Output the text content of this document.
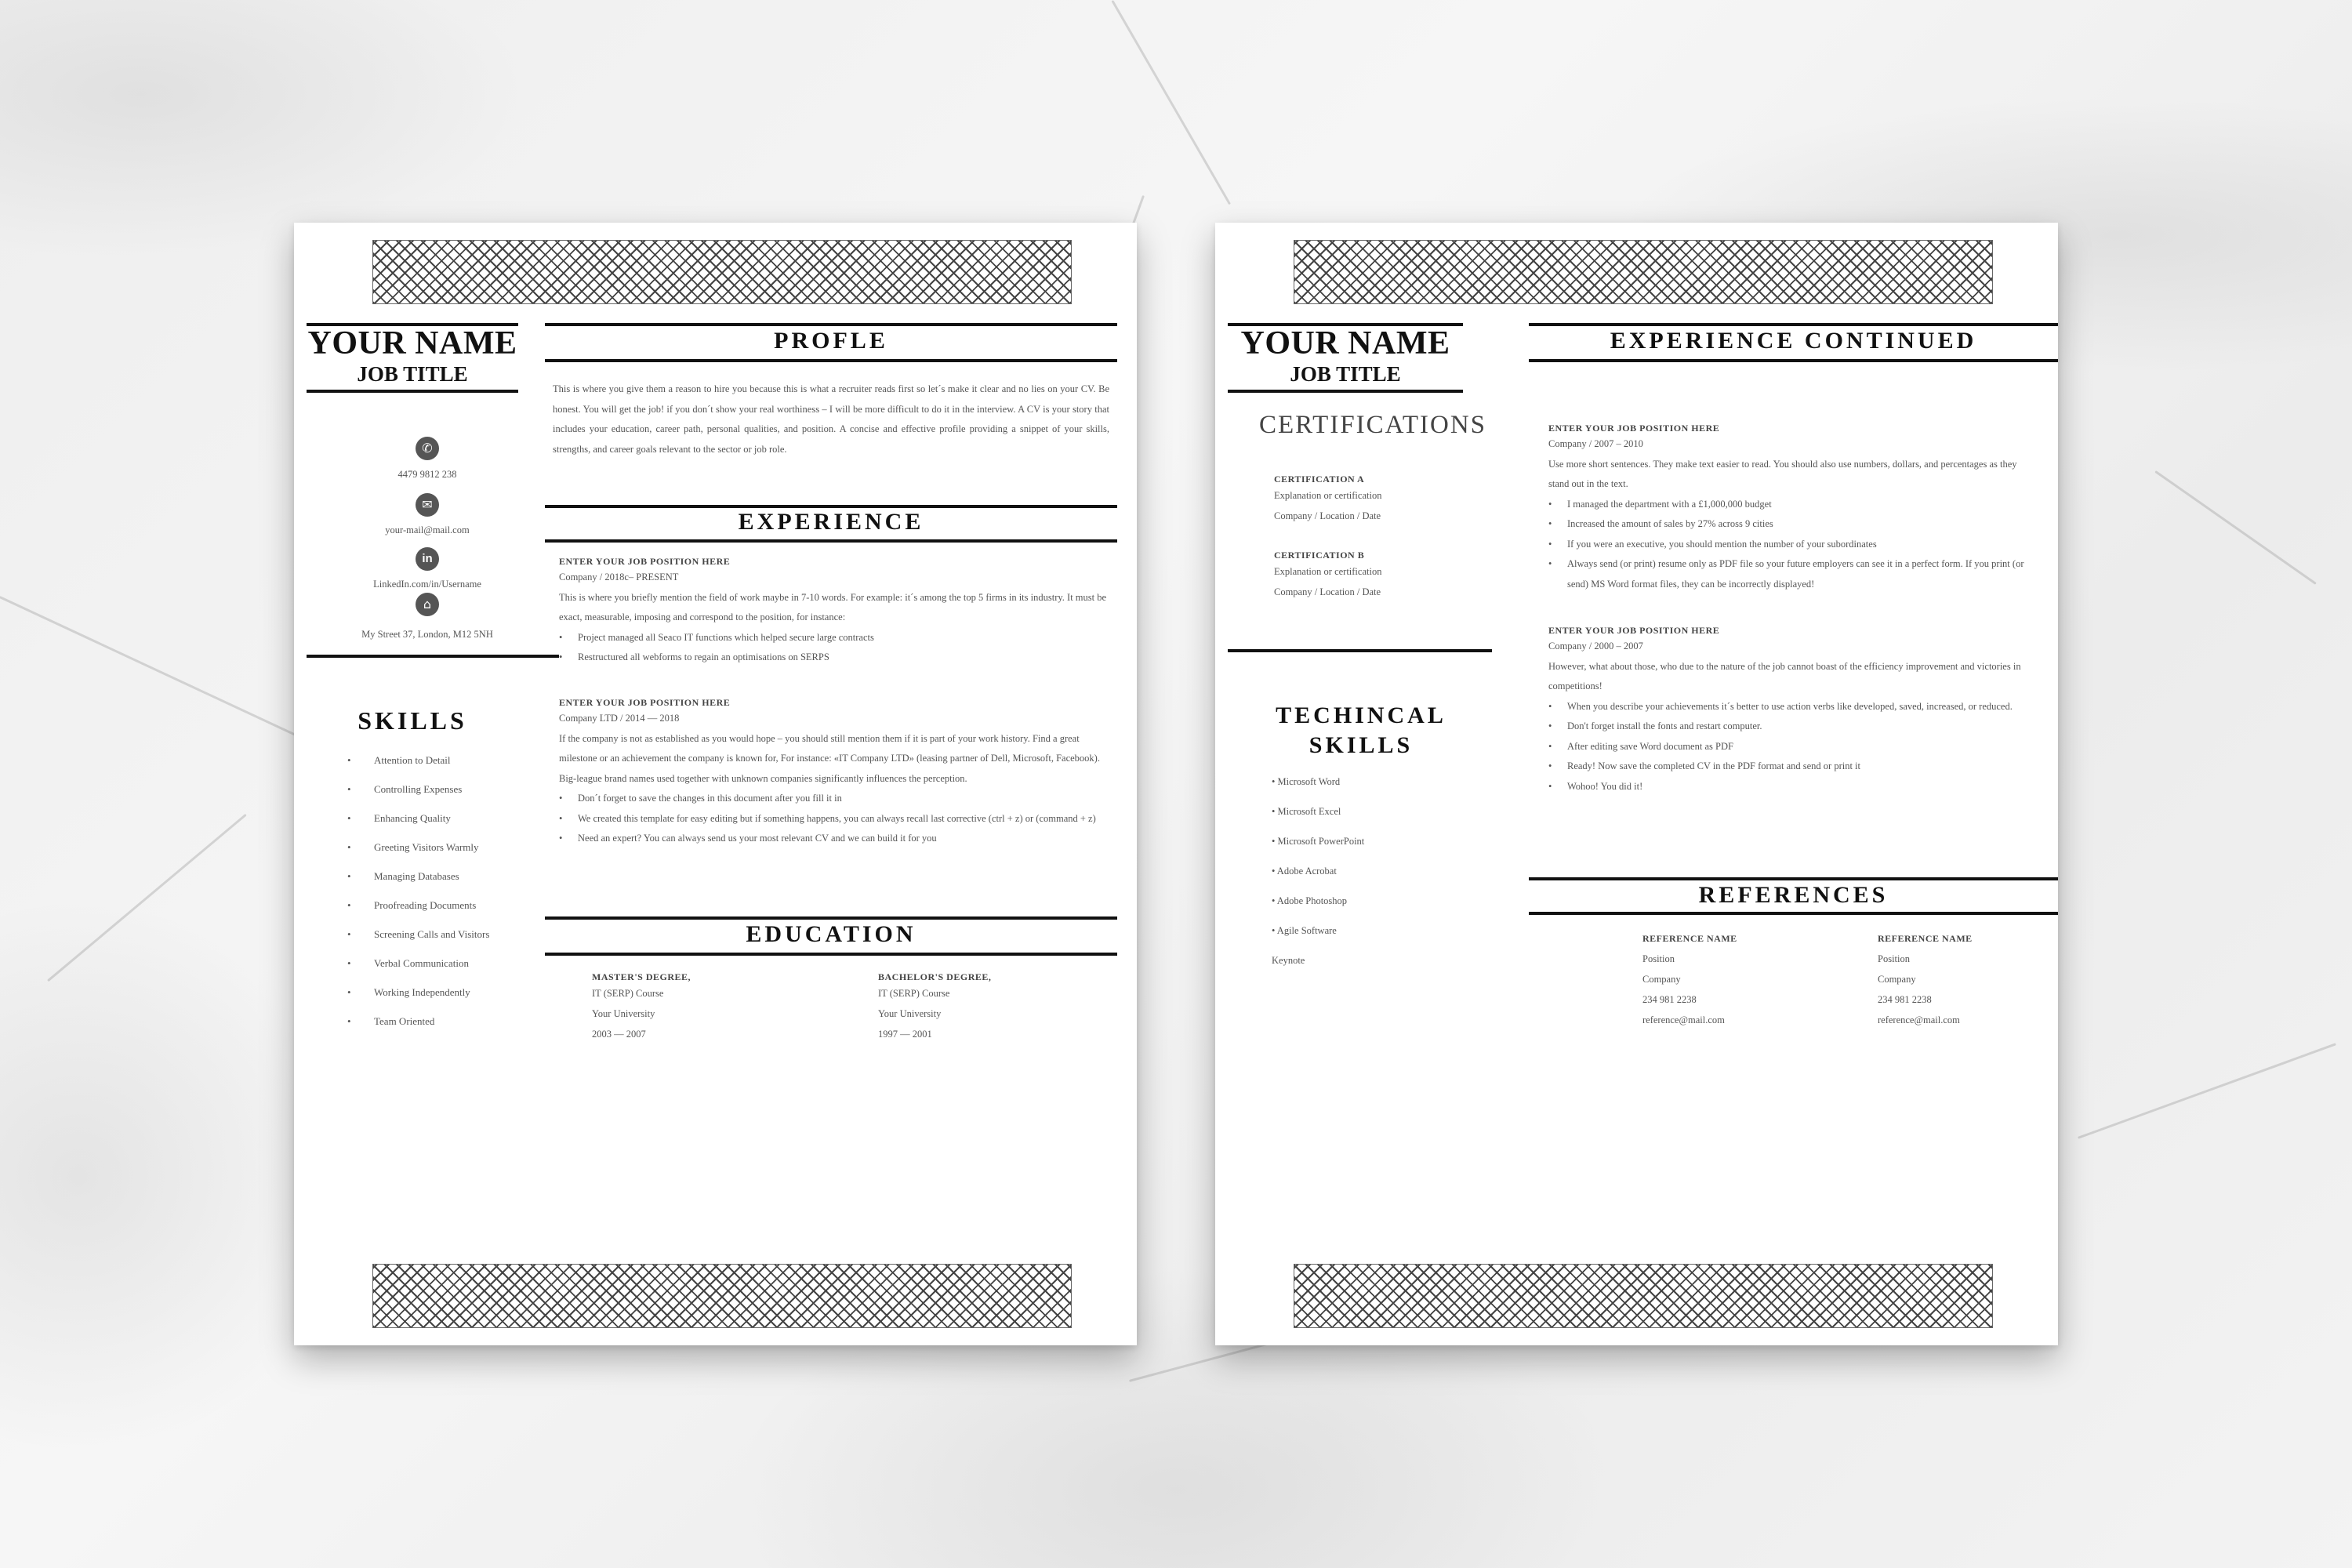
YOUR NAME
JOB TITLE
✆
4479 9812 238
✉
your-mail@mail.com
in
LinkedIn.com/in/Username
⌂
My Street 37, London, M12 5NH
SKILLS
• Attention to Detail
• Controlling Expenses
• Enhancing Quality
• Greeting Visitors Warmly
• Managing Databases
• Proofreading Documents
• Screening Calls and Visitors
• Verbal Communication
• Working Independently
• Team Oriented
PROFLE
This is where you give them a reason to hire you because this is what a recruiter reads first so let´s make it clear and no lies on your CV. Be honest. You will get the job! if you don´t show your real worthiness – I will be more difficult to do it in the interview. A CV is your story that includes your education, career path, personal qualities, and position. A concise and effective profile providing a snippet of your skills, strengths, and career goals relevant to the sector or job role.
EXPERIENCE
ENTER YOUR JOB POSITION HERE
Company / 2018c– PRESENT
This is where you briefly mention the field of work maybe in 7-10 words. For example: it´s among the top 5 firms in its industry. It must be exact, measurable, imposing and correspond to the position, for instance:
• Project managed all Seaco IT functions which helped secure large contracts
• Restructured all webforms to regain an optimisations on SERPS
ENTER YOUR JOB POSITION HERE
Company LTD / 2014 — 2018
If the company is not as established as you would hope – you should still mention them if it is part of your work history. Find a great milestone or an achievement the company is known for, For instance: «IT Company LTD» (leasing partner of Dell, Microsoft, Facebook). Big-league brand names used together with unknown companies significantly influences the perception.
• Don´t forget to save the changes in this document after you fill it in
• We created this template for easy editing but if something happens, you can always recall last corrective (ctrl + z) or (command + z)
• Need an expert? You can always send us your most relevant CV and we can build it for you
EDUCATION
MASTER'S DEGREE,
IT (SERP) Course
Your University
2003 — 2007
BACHELOR'S DEGREE,
IT (SERP) Course
Your University
1997 — 2001
YOUR NAME
JOB TITLE
CERTIFICATIONS
CERTIFICATION A
Explanation or certification
Company / Location / Date
CERTIFICATION B
Explanation or certification
Company / Location / Date
TECHINCAL
SKILLS
• Microsoft Word
• Microsoft Excel
• Microsoft PowerPoint
• Adobe Acrobat
• Adobe Photoshop
• Agile Software
Keynote
EXPERIENCE CONTINUED
ENTER YOUR JOB POSITION HERE
Company / 2007 – 2010
Use more short sentences. They make text easier to read. You should also use numbers, dollars, and percentages as they stand out in the text.
• I managed the department with a £1,000,000 budget
• Increased the amount of sales by 27% across 9 cities
• If you were an executive, you should mention the number of your subordinates
• Always send (or print) resume only as PDF file so your future employers can see it in a perfect form. If you print (or send) MS Word format files, they can be incorrectly displayed!
ENTER YOUR JOB POSITION HERE
Company / 2000 – 2007
However, what about those, who due to the nature of the job cannot boast of the efficiency improvement and victories in competitions!
• When you describe your achievements it´s better to use action verbs like developed, saved, increased, or reduced.
• Don't forget install the fonts and restart computer.
• After editing save Word document as PDF
• Ready! Now save the completed CV in the PDF format and send or print it
• Wohoo! You did it!
REFERENCES
REFERENCE NAME
Position
Company
234 981 2238
reference@mail.com
REFERENCE NAME
Position
Company
234 981 2238
reference@mail.com
